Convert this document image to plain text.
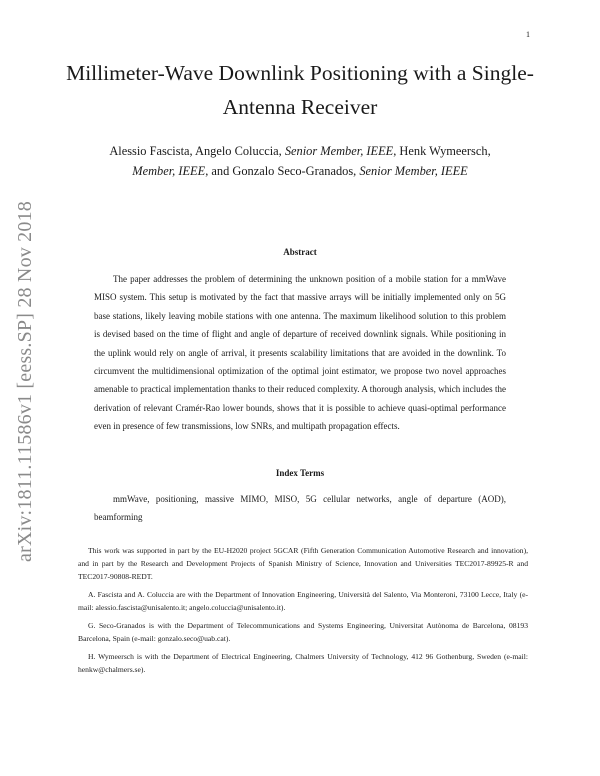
1
arXiv:1811.11586v1 [eess.SP] 28 Nov 2018
Millimeter-Wave Downlink Positioning with a Single-Antenna Receiver
Alessio Fascista, Angelo Coluccia, Senior Member, IEEE, Henk Wymeersch,
Member, IEEE, and Gonzalo Seco-Granados, Senior Member, IEEE
Abstract

The paper addresses the problem of determining the unknown position of a mobile station for a mmWave MISO system. This setup is motivated by the fact that massive arrays will be initially implemented only on 5G base stations, likely leaving mobile stations with one antenna. The maximum likelihood solution to this problem is devised based on the time of flight and angle of departure of received downlink signals. While positioning in the uplink would rely on angle of arrival, it presents scalability limitations that are avoided in the downlink. To circumvent the multidimensional optimization of the optimal joint estimator, we propose two novel approaches amenable to practical implementation thanks to their reduced complexity. A thorough analysis, which includes the derivation of relevant Cramér-Rao lower bounds, shows that it is possible to achieve quasi-optimal performance even in presence of few transmissions, low SNRs, and multipath propagation effects.

Index Terms

mmWave, positioning, massive MIMO, MISO, 5G cellular networks, angle of departure (AOD), beamforming

This work was supported in part by the EU-H2020 project 5GCAR (Fifth Generation Communication Automotive Research and innovation), and in part by the Research and Development Projects of Spanish Ministry of Science, Innovation and Universities TEC2017-89925-R and TEC2017-90808-REDT.

A. Fascista and A. Coluccia are with the Department of Innovation Engineering, Università del Salento, Via Monteroni, 73100 Lecce, Italy (e-mail: alessio.fascista@unisalento.it; angelo.coluccia@unisalento.it).

G. Seco-Granados is with the Department of Telecommunications and Systems Engineering, Universitat Autònoma de Barcelona, 08193 Barcelona, Spain (e-mail: gonzalo.seco@uab.cat).

H. Wymeersch is with the Department of Electrical Engineering, Chalmers University of Technology, 412 96 Gothenburg, Sweden (e-mail: henkw@chalmers.se).
